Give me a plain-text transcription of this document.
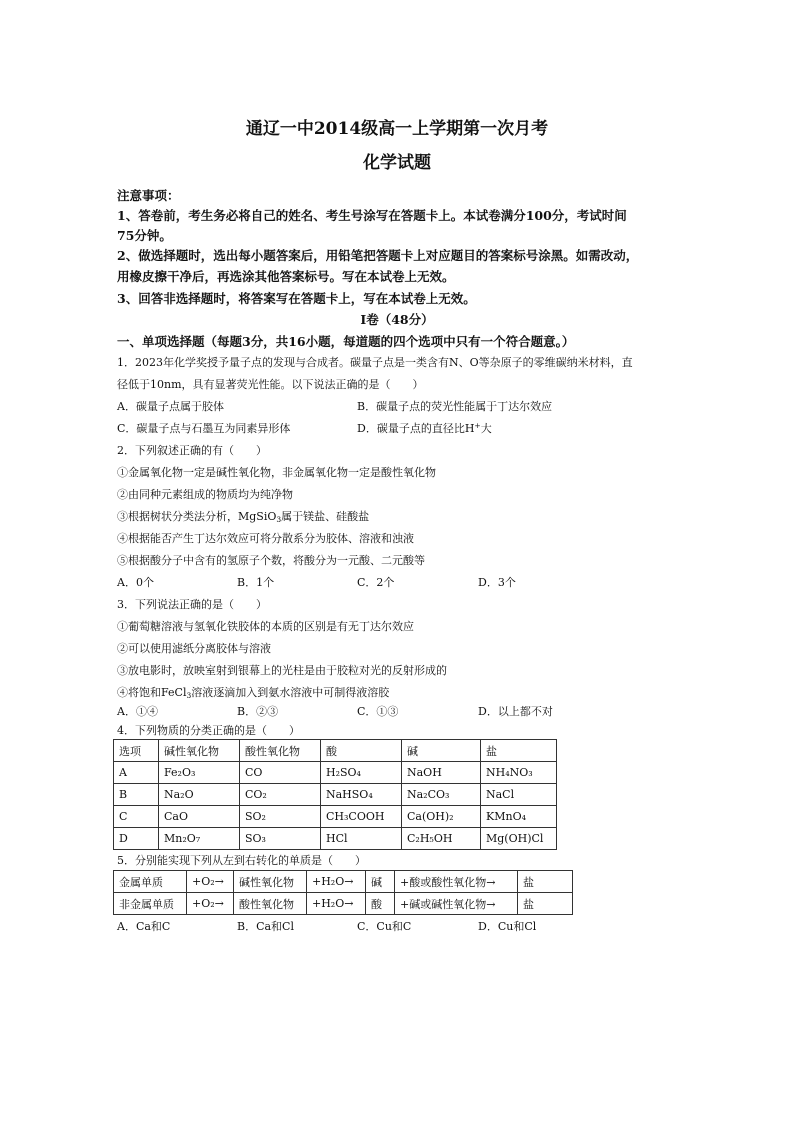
通辽一中2014级高一上学期第一次月考
化学试题
注意事项：
1、答卷前，考生务必将自己的姓名、考生号涂写在答题卡上。本试卷满分100分，考试时间
75分钟。
2、做选择题时，选出每小题答案后，用铅笔把答题卡上对应题目的答案标号涂黑。如需改动，
用橡皮擦干净后，再选涂其他答案标号。写在本试卷上无效。
3、回答非选择题时，将答案写在答题卡上，写在本试卷上无效。
Ⅰ卷（48分）
一、单项选择题（每题3分，共16小题，每道题的四个选项中只有一个符合题意。）
1．2023年化学奖授予量子点的发现与合成者。碳量子点是一类含有N、O等杂原子的零维碳纳米材料，直
径低于10nm，具有显著荧光性能。以下说法正确的是（　　）
A．碳量子点属于胶体	B．碳量子点的荧光性能属于丁达尔效应
C．碳量子点与石墨互为同素异形体	D．碳量子点的直径比H+大
2．下列叙述正确的有（　　）
①金属氧化物一定是碱性氧化物，非金属氧化物一定是酸性氧化物
②由同种元素组成的物质均为纯净物
③根据树状分类法分析，MgSiO$_3$属于镁盐、硅酸盐
④根据能否产生丁达尔效应可将分散系分为胶体、溶液和浊液
⑤根据酸分子中含有的氢原子个数，将酸分为一元酸、二元酸等
A．0个	B．1个	C．2个	D．3个
3．下列说法正确的是（　　）
①葡萄糖溶液与氢氧化铁胶体的本质的区别是有无丁达尔效应
②可以使用滤纸分离胶体与溶液
③放电影时，放映室射到银幕上的光柱是由于胶粒对光的反射形成的
④将饱和FeCl$_3$溶液逐滴加入到氨水溶液中可制得液溶胶
A．①④	B．②③	C．①③	D．以上都不对
4．下列物质的分类正确的是（　　）
选项	碱性氧化物	酸性氧化物	酸	碱	盐
A	Fe₂O₃	CO	H₂SO₄	NaOH	NH₄NO₃
B	Na₂O	CO₂	NaHSO₄	Na₂CO₃	NaCl
C	CaO	SO₂	CH₃COOH	Ca(OH)₂	KMnO₄
D	Mn₂O₇	SO₃	HCl	C₂H₅OH	Mg(OH)Cl
5．分别能实现下列从左到右转化的单质是（　　）
金属单质	+O₂→	碱性氧化物	+H₂O→	碱	+酸或酸性氧化物→	盐
非金属单质	+O₂→	酸性氧化物	+H₂O→	酸	+碱或碱性氧化物→	盐
A．Ca和C	B．Ca和Cl	C．Cu和C	D．Cu和Cl
